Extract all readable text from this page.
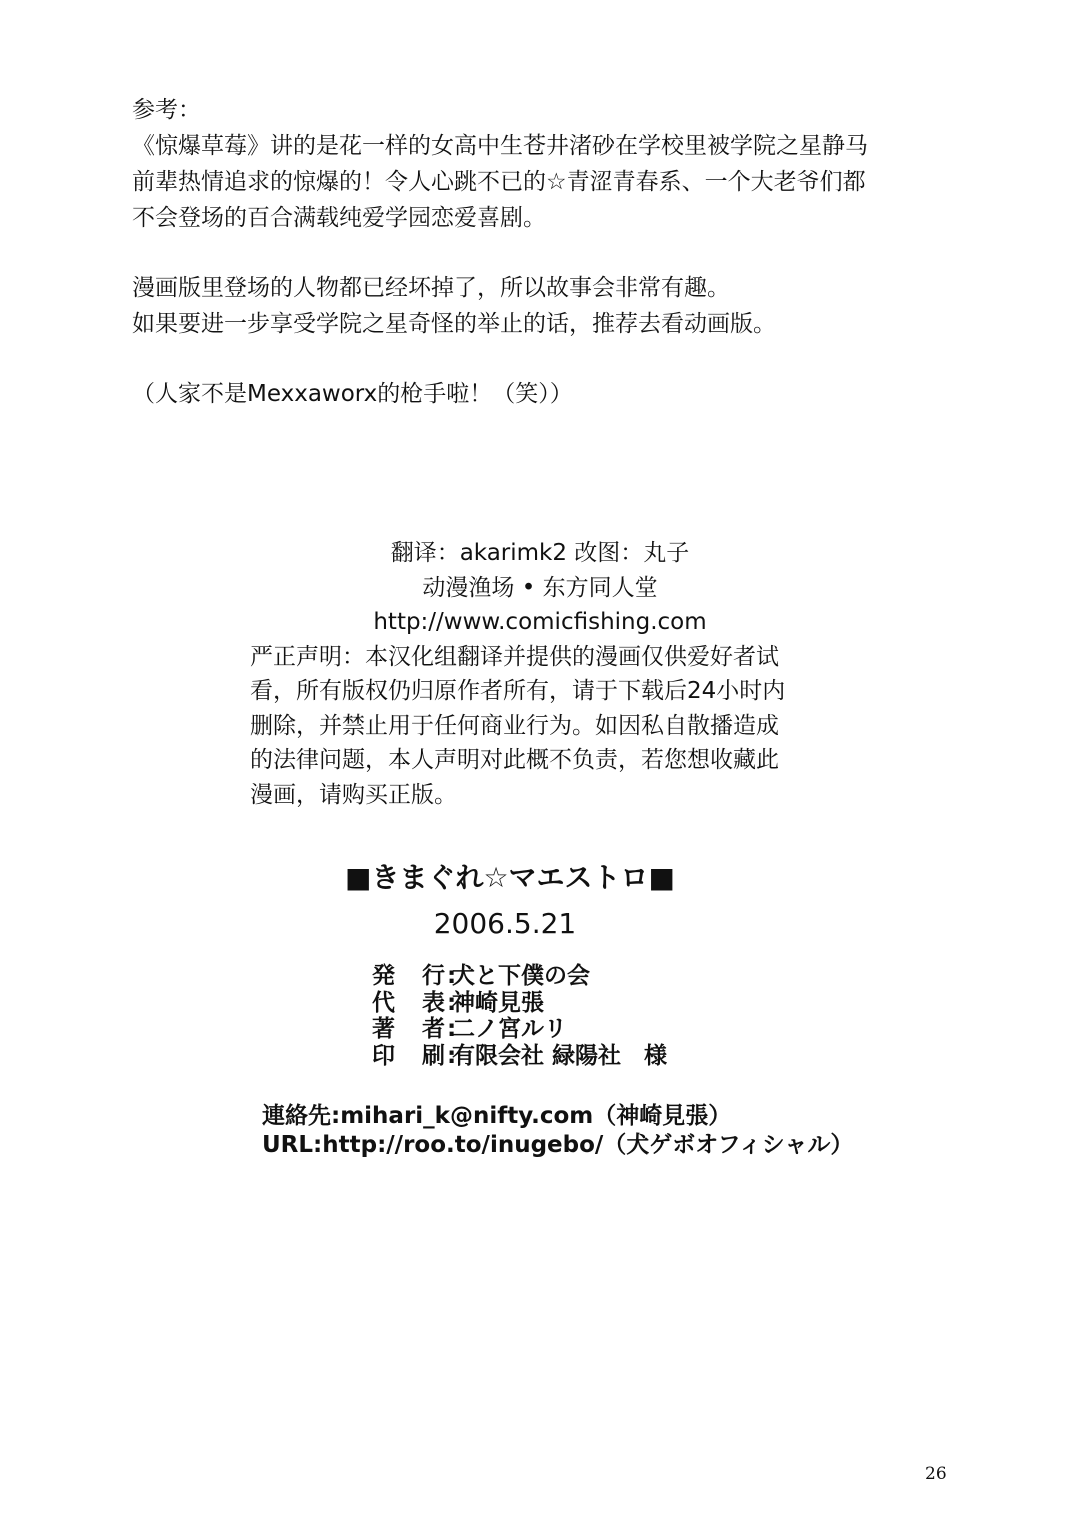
参考：
《惊爆草莓》讲的是花一样的女高中生苍井渚砂在学校里被学院之星静马
前辈热情追求的惊爆的！令人心跳不已的☆青涩青春系、一个大老爷们都
不会登场的百合满载纯爱学园恋爱喜剧。
漫画版里登场的人物都已经坏掉了，所以故事会非常有趣。
如果要进一步享受学院之星奇怪的举止的话，推荐去看动画版。
（人家不是Mexxaworx的枪手啦！（笑））
翻译：akarimk2 改图：丸子
动漫渔场 • 东方同人堂
http://www.comicfishing.com
严正声明：本汉化组翻译并提供的漫画仅供爱好者试
看，所有版权仍归原作者所有，请于下载后24小时内
删除，并禁止用于任何商业行为。如因私自散播造成
的法律问题，本人声明对此概不负责，若您想收藏此
漫画，请购买正版。
■きまぐれ☆マエストロ■
2006.5.21
発　行:犬と下僕の会
代　表:神崎見張
著　者:二ノ宮ルリ
印　刷:有限会社 緑陽社　様
連絡先:mihari_k@nifty.com（神崎見張）
URL:http://roo.to/inugebo/（犬ゲボオフィシャル）
26
